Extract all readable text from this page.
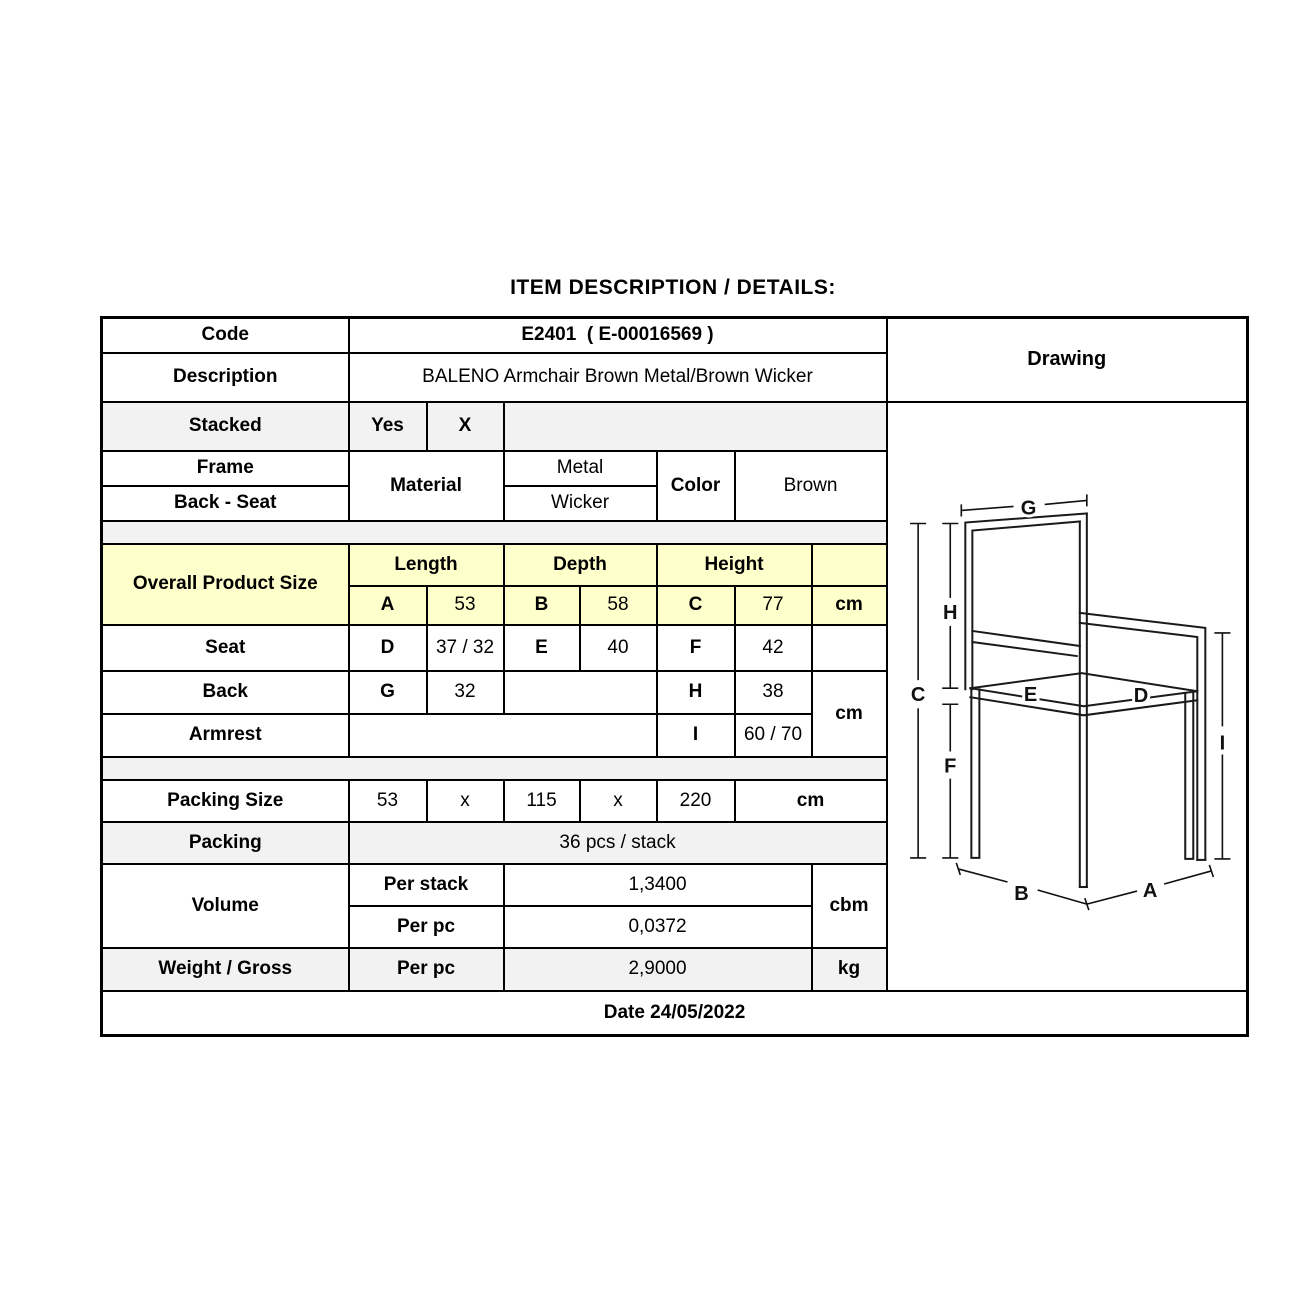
ITEM DESCRIPTION / DETAILS:
Code	E2401  ( E-00016569 )							Drawing
Description	BALENO Armchair Brown Metal/Brown Wicker							
Stacked	Yes	X		
G
H
C	E	D
F
I
B	A

Frame	Material		Metal		Color	Brown		
Back - Seat			Wicker					

Overall Product Size	Length		Depth		Height			
	A	53	B	58	C	77	cm	
Seat	D	37 / 32	E	40	F	42		
Back	G	32			H	38	cm	
Armrest					I	60 / 70		

Packing Size	53	x	115	x	220	cm		
Packing	36 pcs / stack							
Volume	Per stack		1,3400				cbm	
	Per pc		0,0372					
Weight / Gross	Per pc		2,9000				kg	
Date 24/05/2022								
